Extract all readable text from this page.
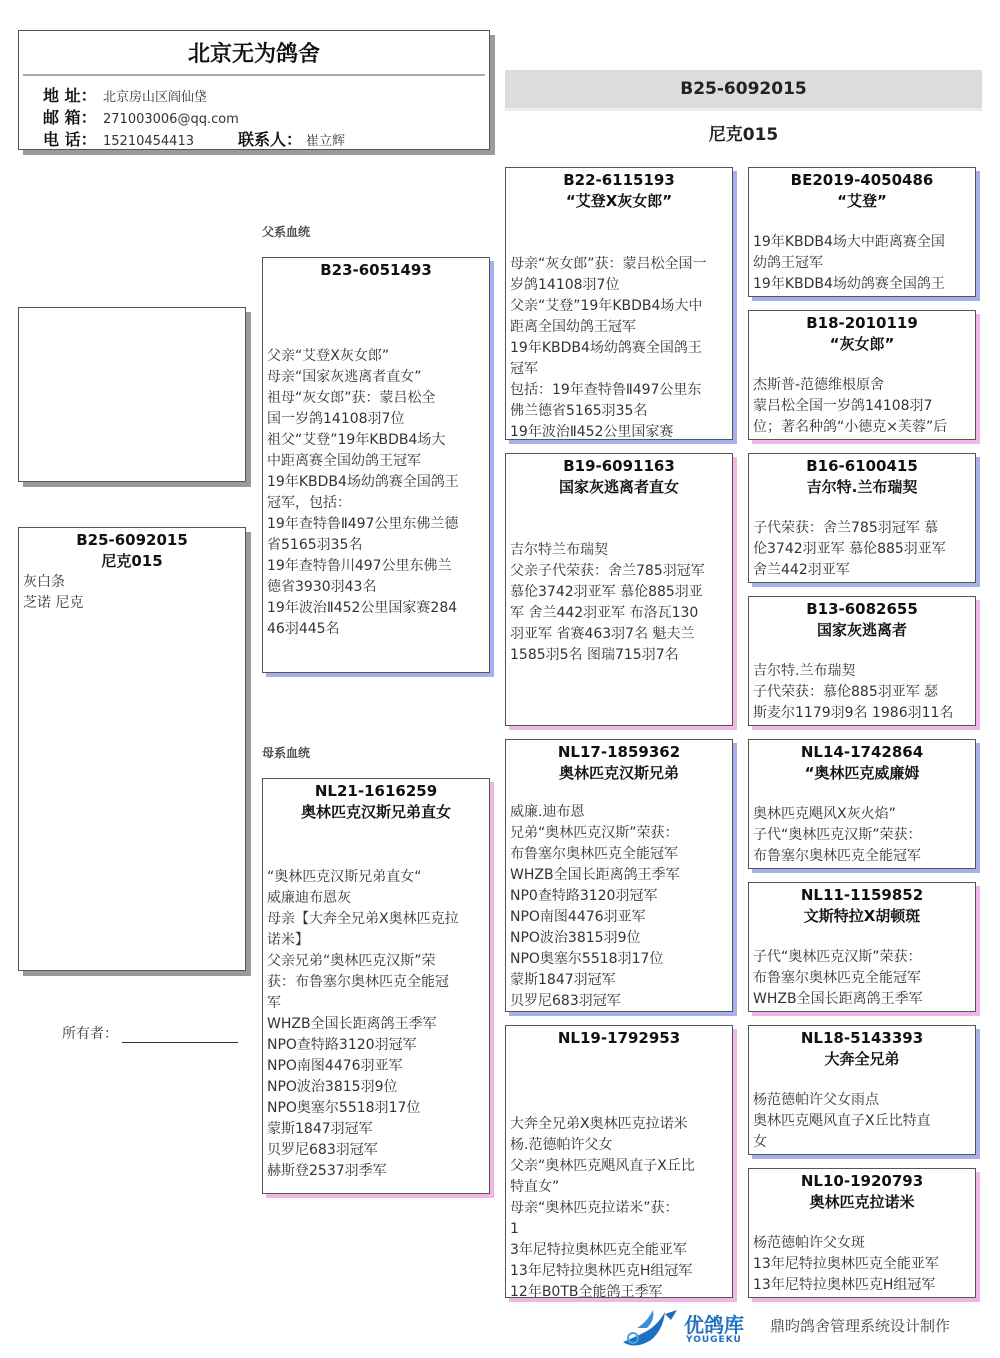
北京无为鸽舍
地 址： 北京房山区阎仙垡
邮 箱： 271003006@qq.com
电 话： 15210454413	联系人： 崔立辉
B25-6092015
尼克015
B25-6092015
尼克015
灰白条
芝诺 尼克
所有者：
父系血统
母系血统
B23-6051493
父亲“艾登X灰女郎”
母亲“国家灰逃离者直女”
祖母“灰女郎”获：蒙吕松全
国一岁鸽14108羽7位
祖父“艾登”19年KBDB4场大
中距离赛全国幼鸽王冠军
19年KBDB4场幼鸽赛全国鸽王
冠军，包括：
19年查特鲁Ⅱ497公里东佛兰德
省5165羽35名
19年查特鲁川497公里东佛兰
德省3930羽43名
19年波治Ⅱ452公里国家赛284
46羽445名
NL21-1616259
奥林匹克汉斯兄弟直女
“奥林匹克汉斯兄弟直女“
威廉迪布恩灰
母亲【大奔全兄弟X奥林匹克拉
诺米】
父亲兄弟“奥林匹克汉斯”荣
获：布鲁塞尔奥林匹克全能冠
军
WHZB全国长距离鸽王季军
NPO查特路3120羽冠军
NPO南图4476羽亚军
NPO波治3815羽9位
NPO奥塞尔5518羽17位
蒙斯1847羽冠军
贝罗尼683羽冠军
赫斯登2537羽季军
B22-6115193
“艾登X灰女郎”
母亲“灰女郎”获：蒙吕松全国一
岁鸽14108羽7位
父亲“艾登”19年KBDB4场大中
距离全国幼鸽王冠军
19年KBDB4场幼鸽赛全国鸽王
冠军
包括：19年查特鲁Ⅱ497公里东
佛兰德省5165羽35名
19年波治Ⅱ452公里国家赛
B19-6091163
国家灰逃离者直女
吉尔特兰布瑞契
父亲子代荣获：舍兰785羽冠军
慕伦3742羽亚军 慕伦885羽亚
军 舍兰442羽亚军 布洛瓦130
羽亚军 省赛463羽7名 魁夫兰
1585羽5名 图瑞715羽7名
NL17-1859362
奥林匹克汉斯兄弟
威廉.迪布恩
兄弟“奥林匹克汉斯”荣获：
布鲁塞尔奥林匹克全能冠军
WHZB全国长距离鸽王季军
NP0查特路3120羽冠军
NPO南图4476羽亚军
NPO波治3815羽9位
NPO奥塞尔5518羽17位
蒙斯1847羽冠军
贝罗尼683羽冠军
NL19-1792953
大奔全兄弟X奥林匹克拉诺米
杨.范德帕许父女
父亲“奥林匹克飓风直子X丘比
特直女”
母亲“奥林匹克拉诺米”获：
1
3年尼特拉奥林匹克全能亚军
13年尼特拉奥林匹克H组冠军
12年B0TB全能鸽王季军
BE2019-4050486
“艾登”
19年KBDB4场大中距离赛全国
幼鸽王冠军
19年KBDB4场幼鸽赛全国鸽王
B18-2010119
“灰女郎”
杰斯普-范德维根原舍
蒙吕松全国一岁鸽14108羽7
位；著名种鸽“小德克×芙蓉”后
B16-6100415
吉尔特.兰布瑞契
子代荣获：舍兰785羽冠军 慕
伦3742羽亚军 慕伦885羽亚军
舍兰442羽亚军
B13-6082655
国家灰逃离者
吉尔特.兰布瑞契
子代荣获：慕伦885羽亚军 瑟
斯麦尔1179羽9名 1986羽11名
NL14-1742864
“奥林匹克威廉姆
奥林匹克飓风X灰火焰”
子代“奥林匹克汉斯”荣获：
布鲁塞尔奥林匹克全能冠军
NL11-1159852
文斯特拉X胡顿斑
子代“奥林匹克汉斯”荣获：
布鲁塞尔奥林匹克全能冠军
WHZB全国长距离鸽王季军
NL18-5143393
大奔全兄弟
杨范德帕许父女雨点
奥林匹克飓风直子X丘比特直
女
NL10-1920793
奥林匹克拉诺米
杨范德帕许父女斑
13年尼特拉奥林匹克全能亚军
13年尼特拉奥林匹克H组冠军
优鸽库
YOUGEKU
鼎昀鸽舍管理系统设计制作
